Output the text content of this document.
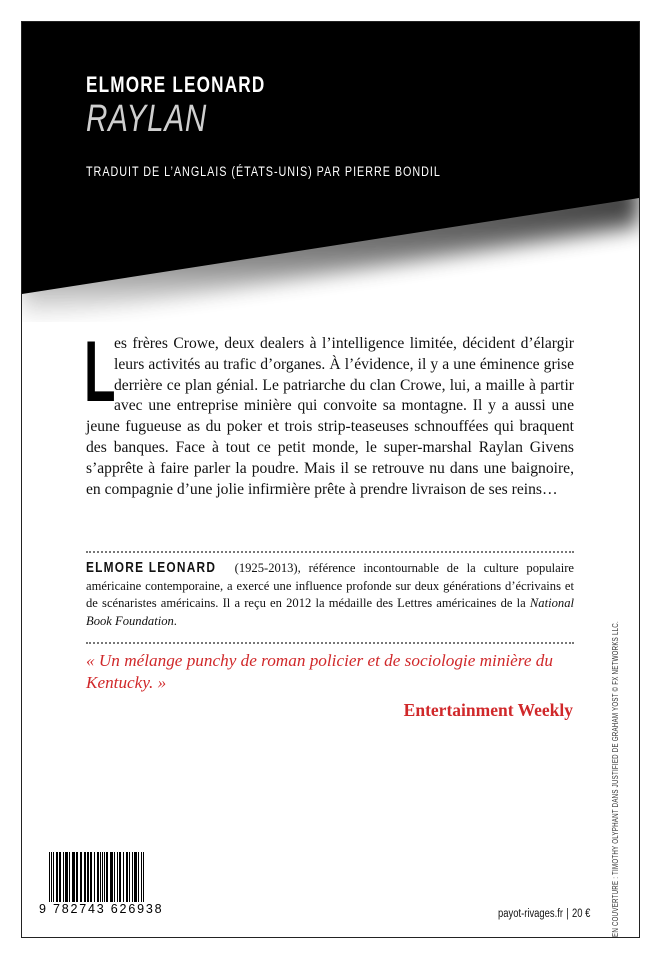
ELMORE LEONARD
RAYLAN
TRADUIT DE L’ANGLAIS (ÉTATS-UNIS) PAR PIERRE BONDIL

L
es frères Crowe, deux dealers à l’intelligence limitée, décident d’élargir leurs activités au trafic d’organes. À l’évidence, il y a une éminence grise derrière ce plan génial. Le patriarche du clan Crowe, lui, a maille à partir avec une entreprise minière qui convoite sa montagne. Il y a aussi une jeune fugueuse as du poker et trois strip-teaseuses schnouffées qui braquent des banques. Face à tout ce petit monde, le super-marshal Raylan Givens s’apprête à faire parler la poudre. Mais il se retrouve nu dans une baignoire, en compagnie d’une jolie infirmière prête à prendre livraison de ses reins…

ELMORE LEONARD (1925-2013), référence incontournable de la culture populaire américaine contemporaine, a exercé une influence profonde sur deux générations d’écrivains et de scénaristes américains. Il a reçu en 2012 la médaille des Lettres américaines de la National Book Foundation.

« Un mélange punchy de roman policier et de sociologie minière du Kentucky. »

Entertainment Weekly	EN COUVERTURE : TIMOTHY OLYPHANT DANS JUSTIFIED DE GRAHAM YOST © FX NETWORKS LLC.
9 782743 626938	payot-rivages.fr | 20 €
